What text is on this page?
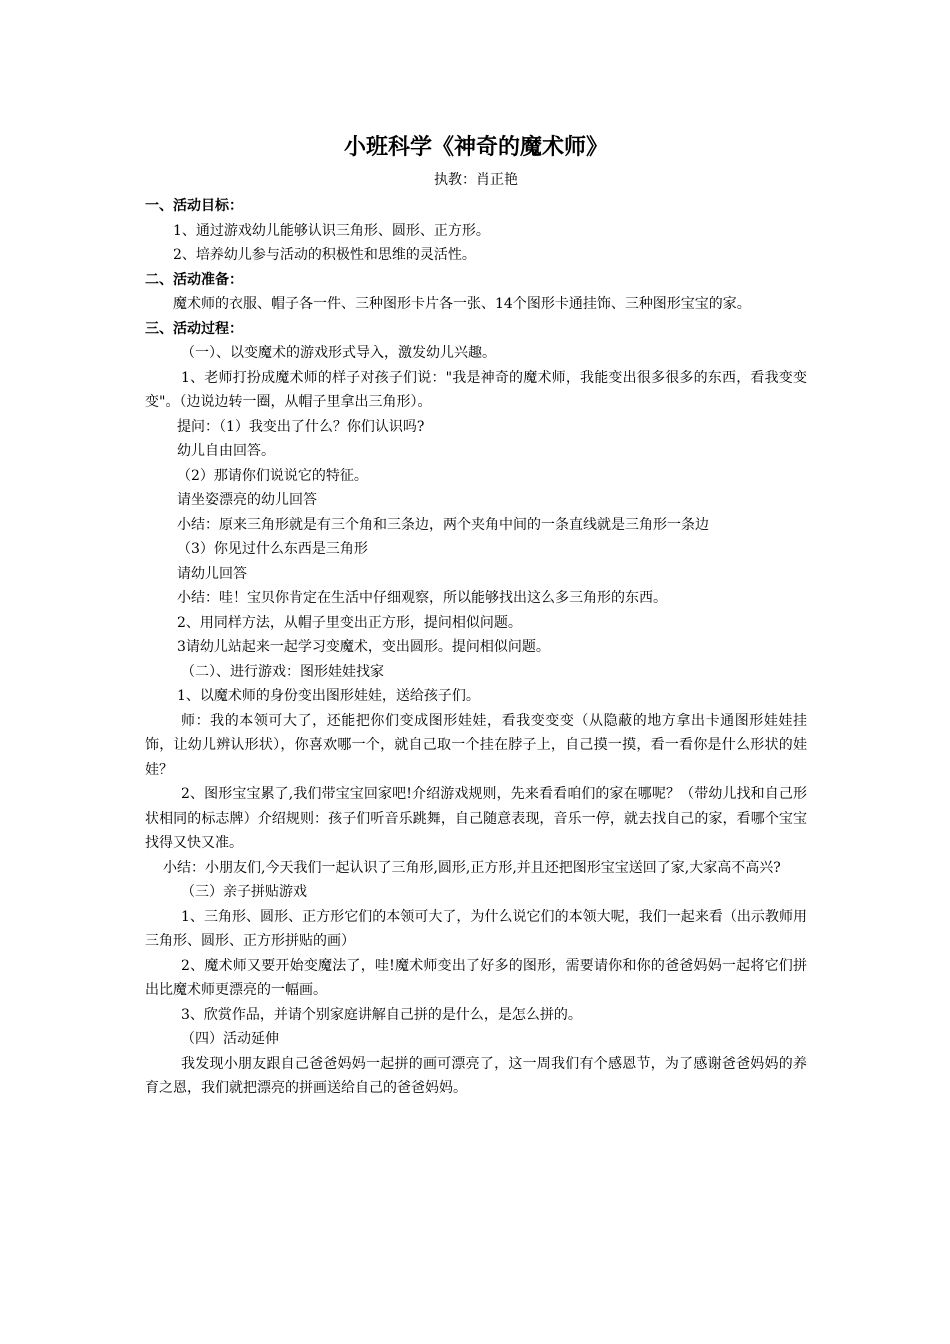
小班科学《神奇的魔术师》

执教：肖正艳

一、活动目标：

1、通过游戏幼儿能够认识三角形、圆形、正方形。

2、培养幼儿参与活动的积极性和思维的灵活性。

二、活动准备：

魔术师的衣服、帽子各一件、三种图形卡片各一张、14个图形卡通挂饰、三种图形宝宝的家。

三、活动过程：

（一）、以变魔术的游戏形式导入，激发幼儿兴趣。

1、老师打扮成魔术师的样子对孩子们说："我是神奇的魔术师，我能变出很多很多的东西，看我变变变"。（边说边转一圈，从帽子里拿出三角形）。

提问：（1）我变出了什么？你们认识吗?

幼儿自由回答。

（2）那请你们说说它的特征。

请坐姿漂亮的幼儿回答

小结：原来三角形就是有三个角和三条边，两个夹角中间的一条直线就是三角形一条边

（3）你见过什么东西是三角形

请幼儿回答

小结：哇！宝贝你肯定在生活中仔细观察，所以能够找出这么多三角形的东西。

2、用同样方法，从帽子里变出正方形，提问相似问题。

3请幼儿站起来一起学习变魔术，变出圆形。提问相似问题。

（二）、进行游戏：图形娃娃找家

1、以魔术师的身份变出图形娃娃，送给孩子们。

师：我的本领可大了，还能把你们变成图形娃娃，看我变变变（从隐蔽的地方拿出卡通图形娃娃挂饰，让幼儿辨认形状），你喜欢哪一个，就自己取一个挂在脖子上，自己摸一摸，看一看你是什么形状的娃娃？

2、图形宝宝累了,我们带宝宝回家吧!介绍游戏规则，先来看看咱们的家在哪呢？（带幼儿找和自己形状相同的标志牌）介绍规则：孩子们听音乐跳舞，自己随意表现，音乐一停，就去找自己的家，看哪个宝宝找得又快又准。

小结：小朋友们,今天我们一起认识了三角形,圆形,正方形,并且还把图形宝宝送回了家,大家高不高兴?

（三）亲子拼贴游戏

1、三角形、圆形、正方形它们的本领可大了，为什么说它们的本领大呢，我们一起来看（出示教师用三角形、圆形、正方形拼贴的画）

2、魔术师又要开始变魔法了，哇!魔术师变出了好多的图形，需要请你和你的爸爸妈妈一起将它们拼出比魔术师更漂亮的一幅画。

3、欣赏作品，并请个别家庭讲解自己拼的是什么，是怎么拼的。

（四）活动延伸

我发现小朋友跟自己爸爸妈妈一起拼的画可漂亮了，这一周我们有个感恩节，为了感谢爸爸妈妈的养育之恩，我们就把漂亮的拼画送给自己的爸爸妈妈。
